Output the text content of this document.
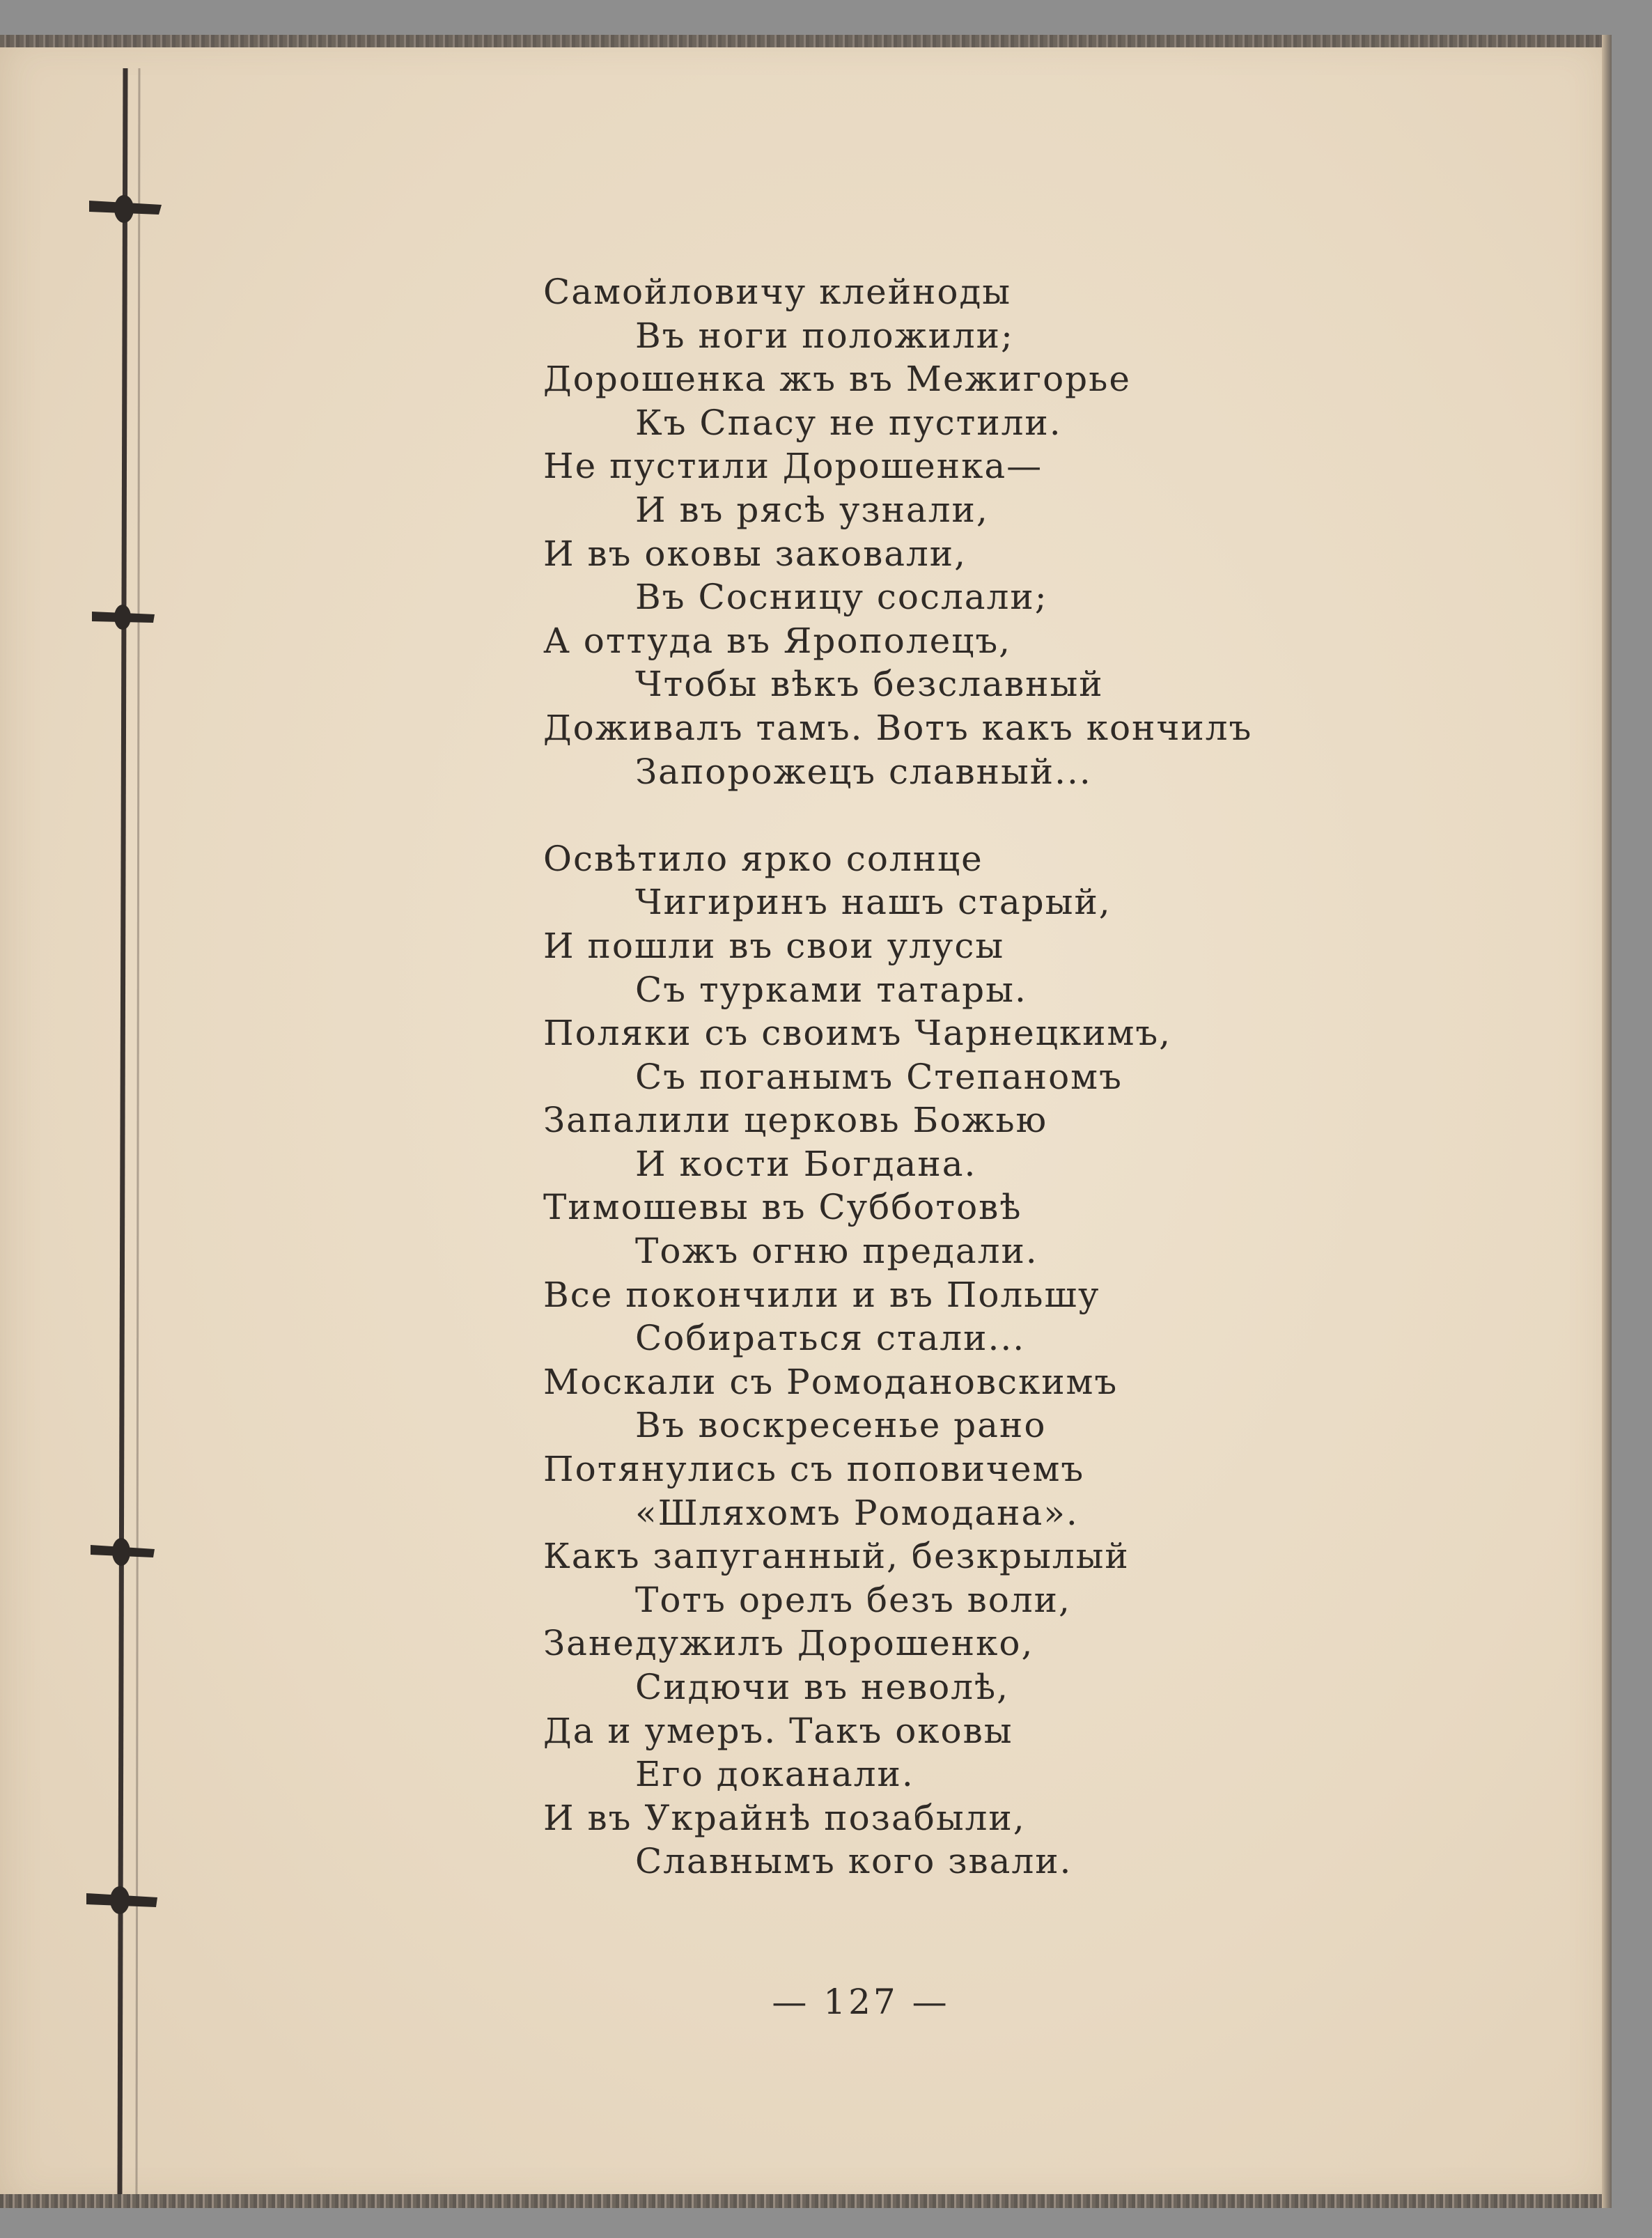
Самойловичу клейноды
Въ ноги положили;
Дорошенка жъ въ Межигорье
Къ Спасу не пустили.
Не пустили Дорошенка—
И въ рясѣ узнали,
И въ оковы заковали,
Въ Сосницу сослали;
А оттуда въ Ярополецъ,
Чтобы вѣкъ безславный
Доживалъ тамъ. Вотъ какъ кончилъ
Запорожецъ славный...
Освѣтило ярко солнце
Чигиринъ нашъ старый,
И пошли въ свои улусы
Съ турками татары.
Поляки съ своимъ Чарнецкимъ,
Съ поганымъ Степаномъ
Запалили церковь Божью
И кости Богдана.
Тимошевы въ Субботовѣ
Тожъ огню предали.
Все покончили и въ Польшу
Собираться стали...
Москали съ Ромодановскимъ
Въ воскресенье рано
Потянулись съ поповичемъ
«Шляхомъ Ромодана».
Какъ запуганный, безкрылый
Тотъ орелъ безъ воли,
Занедужилъ Дорошенко,
Сидючи въ неволѣ,
Да и умеръ. Такъ оковы
Его доканали.
И въ Украйнѣ позабыли,
Славнымъ кого звали.
— 127 —
